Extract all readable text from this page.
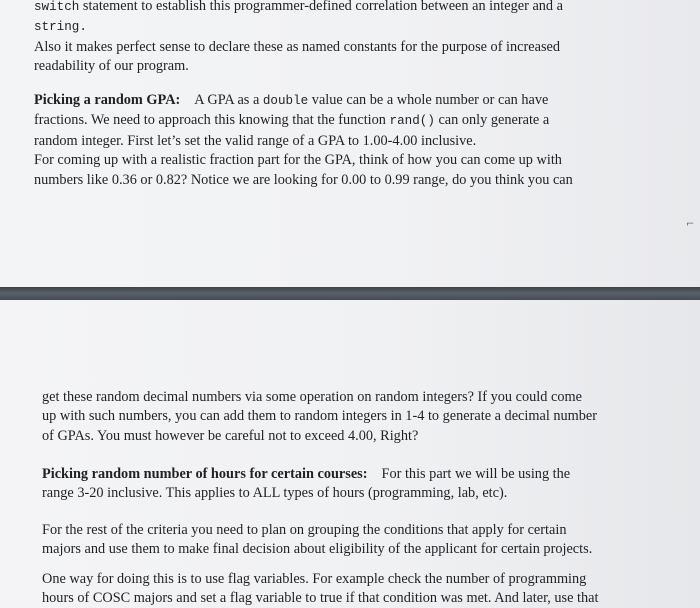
switch statement to establish this programmer-defined correlation between an integer and a
string.
Also it makes perfect sense to declare these as named constants for the purpose of increased
readability of our program.

Picking a random GPA: A GPA as a double value can be a whole number or can have
fractions. We need to approach this knowing that the function rand() can only generate a
random integer. First let’s set the valid range of a GPA to 1.00-4.00 inclusive.
For coming up with a realistic fraction part for the GPA, think of how you can come up with
numbers like 0.36 or 0.82? Notice we are looking for 0.00 to 0.99 range, do you think you can

⌐

get these random decimal numbers via some operation on random integers? If you could come
up with such numbers, you can add them to random integers in 1-4 to generate a decimal number
of GPAs. You must however be careful not to exceed 4.00, Right?

Picking random number of hours for certain courses: For this part we will be using the
range 3-20 inclusive. This applies to ALL types of hours (programming, lab, etc).

For the rest of the criteria you need to plan on grouping the conditions that apply for certain
majors and use them to make final decision about eligibility of the applicant for certain projects.

One way for doing this is to use flag variables. For example check the number of programming
hours of COSC majors and set a flag variable to true if that condition was met. And later, use that
